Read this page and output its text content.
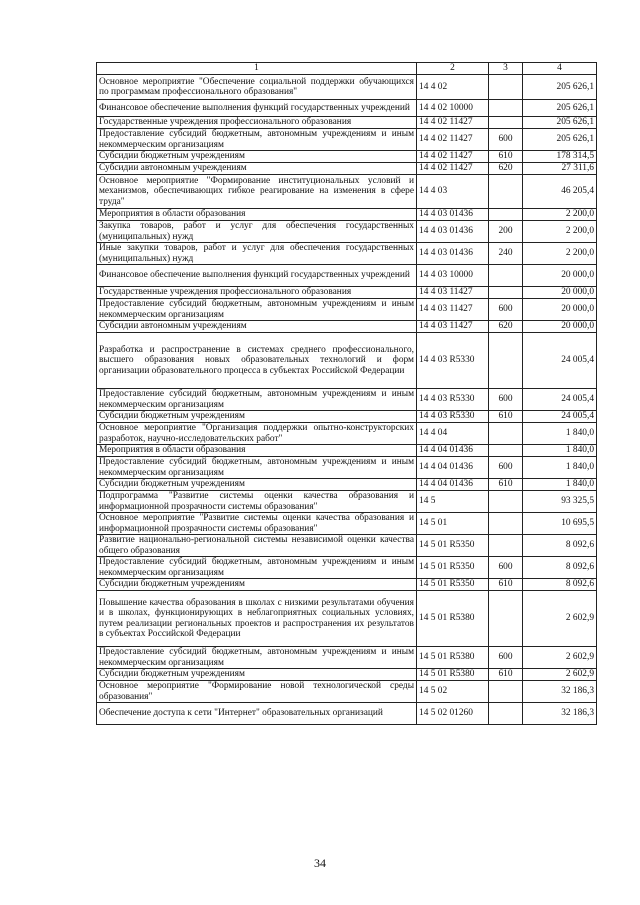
1	2	3	4
Основное мероприятие "Обеспечение социальной поддержки обучающихся по программам профессионального образования"	14 4 02		205 626,1
Финансовое обеспечение выполнения функций государственных учреждений	14 4 02 10000		205 626,1
Государственные учреждения профессионального образования	14 4 02 11427		205 626,1
Предоставление субсидий бюджетным, автономным учреждениям и иным некоммерческим организациям	14 4 02 11427	600	205 626,1
Субсидии бюджетным учреждениям	14 4 02 11427	610	178 314,5
Субсидии автономным учреждениям	14 4 02 11427	620	27 311,6
Основное мероприятие "Формирование институциональных условий и механизмов, обеспечивающих гибкое реагирование на изменения в сфере труда"	14 4 03		46 205,4
Мероприятия в области образования	14 4 03 01436		2 200,0
Закупка товаров, работ и услуг для обеспечения государственных (муниципальных) нужд	14 4 03 01436	200	2 200,0
Иные закупки товаров, работ и услуг для обеспечения государственных (муниципальных) нужд	14 4 03 01436	240	2 200,0
Финансовое обеспечение выполнения функций государственных учреждений	14 4 03 10000		20 000,0
Государственные учреждения профессионального образования	14 4 03 11427		20 000,0
Предоставление субсидий бюджетным, автономным учреждениям и иным некоммерческим организациям	14 4 03 11427	600	20 000,0
Субсидии автономным учреждениям	14 4 03 11427	620	20 000,0
Разработка и распространение в системах среднего профессионального, высшего образования новых образовательных технологий и форм организации образовательного процесса в субъектах Российской Федерации	14 4 03 R5330		24 005,4
Предоставление субсидий бюджетным, автономным учреждениям и иным некоммерческим организациям	14 4 03 R5330	600	24 005,4
Субсидии бюджетным учреждениям	14 4 03 R5330	610	24 005,4
Основное мероприятие "Организация поддержки опытно-конструкторских разработок, научно-исследовательских работ"	14 4 04		1 840,0
Мероприятия в области образования	14 4 04 01436		1 840,0
Предоставление субсидий бюджетным, автономным учреждениям и иным некоммерческим организациям	14 4 04 01436	600	1 840,0
Субсидии бюджетным учреждениям	14 4 04 01436	610	1 840,0
Подпрограмма "Развитие системы оценки качества образования и информационной прозрачности системы образования"	14 5		93 325,5
Основное мероприятие "Развитие системы оценки качества образования и информационной прозрачности системы образования"	14 5 01		10 695,5
Развитие национально-региональной системы независимой оценки качества общего образования	14 5 01 R5350		8 092,6
Предоставление субсидий бюджетным, автономным учреждениям и иным некоммерческим организациям	14 5 01 R5350	600	8 092,6
Субсидии бюджетным учреждениям	14 5 01 R5350	610	8 092,6
Повышение качества образования в школах с низкими результатами обучения и в школах, функционирующих в неблагоприятных социальных условиях, путем реализации региональных проектов и распространения их результатов в субъектах Российской Федерации	14 5 01 R5380		2 602,9
Предоставление субсидий бюджетным, автономным учреждениям и иным некоммерческим организациям	14 5 01 R5380	600	2 602,9
Субсидии бюджетным учреждениям	14 5 01 R5380	610	2 602,9
Основное мероприятие "Формирование новой технологической среды образования"	14 5 02		32 186,3
Обеспечение доступа к сети "Интернет" образовательных организаций	14 5 02 01260		32 186,3
34
